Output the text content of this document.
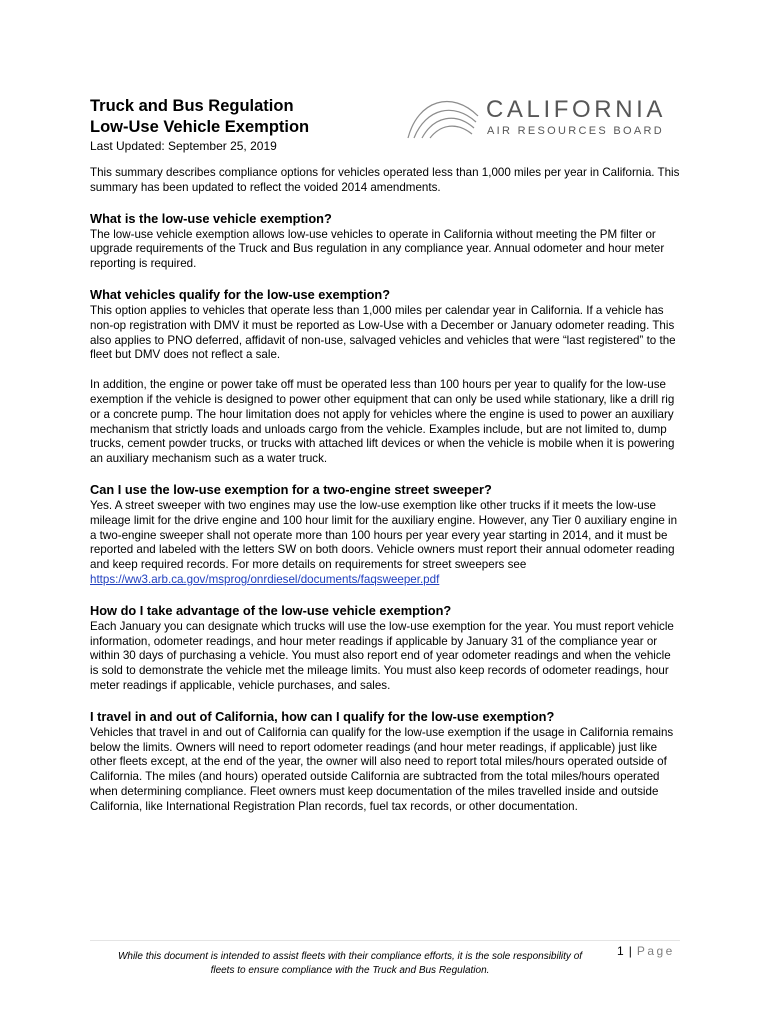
Truck and Bus Regulation
Low-Use Vehicle Exemption
Last Updated: September 25, 2019
CALIFORNIA
AIR RESOURCES BOARD

This summary describes compliance options for vehicles operated less than 1,000 miles per year in California. This summary has been updated to reflect the voided 2014 amendments.

What is the low-use vehicle exemption?

The low-use vehicle exemption allows low-use vehicles to operate in California without meeting the PM filter or upgrade requirements of the Truck and Bus regulation in any compliance year. Annual odometer and hour meter reporting is required.

What vehicles qualify for the low-use exemption?

This option applies to vehicles that operate less than 1,000 miles per calendar year in California. If a vehicle has non-op registration with DMV it must be reported as Low-Use with a December or January odometer reading. This also applies to PNO deferred, affidavit of non-use, salvaged vehicles and vehicles that were “last registered” to the fleet but DMV does not reflect a sale.

In addition, the engine or power take off must be operated less than 100 hours per year to qualify for the low-use exemption if the vehicle is designed to power other equipment that can only be used while stationary, like a drill rig or a concrete pump. The hour limitation does not apply for vehicles where the engine is used to power an auxiliary mechanism that strictly loads and unloads cargo from the vehicle. Examples include, but are not limited to, dump trucks, cement powder trucks, or trucks with attached lift devices or when the vehicle is mobile when it is powering an auxiliary mechanism such as a water truck.

Can I use the low-use exemption for a two-engine street sweeper?

Yes. A street sweeper with two engines may use the low-use exemption like other trucks if it meets the low-use mileage limit for the drive engine and 100 hour limit for the auxiliary engine. However, any Tier 0 auxiliary engine in a two-engine sweeper shall not operate more than 100 hours per year every year starting in 2014, and it must be reported and labeled with the letters SW on both doors. Vehicle owners must report their annual odometer reading and keep required records. For more details on requirements for street sweepers see https://ww3.arb.ca.gov/msprog/onrdiesel/documents/faqsweeper.pdf

How do I take advantage of the low-use vehicle exemption?

Each January you can designate which trucks will use the low-use exemption for the year. You must report vehicle information, odometer readings, and hour meter readings if applicable by January 31 of the compliance year or within 30 days of purchasing a vehicle. You must also report end of year odometer readings and when the vehicle is sold to demonstrate the vehicle met the mileage limits. You must also keep records of odometer readings, hour meter readings if applicable, vehicle purchases, and sales.

I travel in and out of California, how can I qualify for the low-use exemption?

Vehicles that travel in and out of California can qualify for the low-use exemption if the usage in California remains below the limits. Owners will need to report odometer readings (and hour meter readings, if applicable) just like other fleets except, at the end of the year, the owner will also need to report total miles/hours operated outside of California. The miles (and hours) operated outside California are subtracted from the total miles/hours operated when determining compliance. Fleet owners must keep documentation of the miles travelled inside and outside California, like International Registration Plan records, fuel tax records, or other documentation.

While this document is intended to assist fleets with their compliance efforts, it is the sole responsibility of fleets to ensure compliance with the Truck and Bus Regulation.
1 | Page
